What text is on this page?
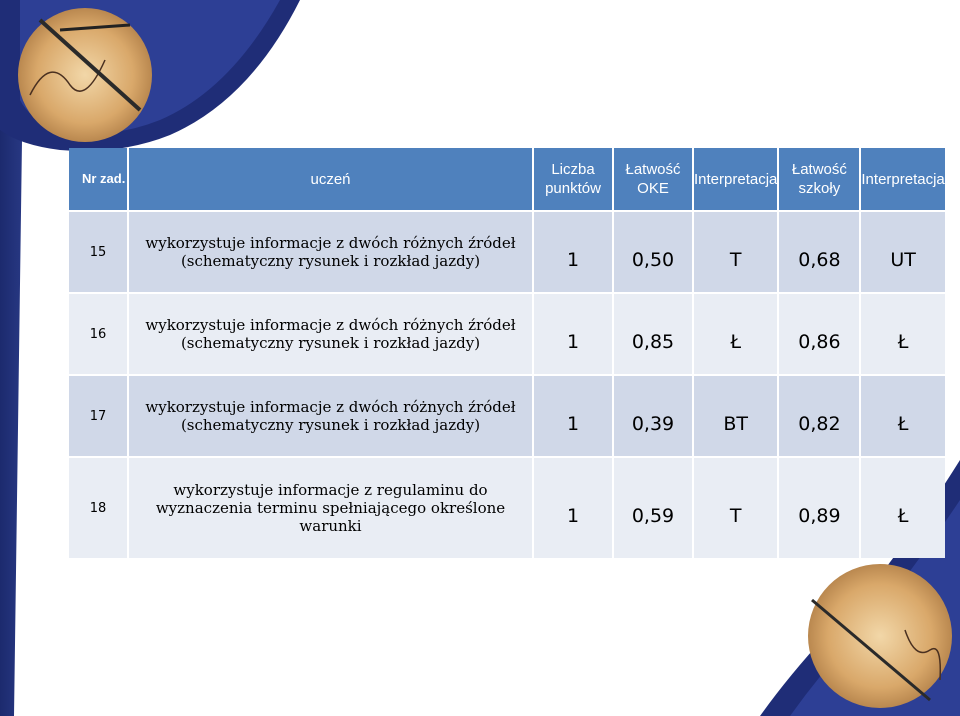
Nr zad.	uczeń	Liczba punktów	Łatwość OKE	Interpretacja	Łatwość szkoły	Interpretacja
15	wykorzystuje informacje z dwóch różnych źródeł (schematyczny rysunek i rozkład jazdy)	1	0,50	T	0,68	UT
16	wykorzystuje informacje z dwóch różnych źródeł (schematyczny rysunek i rozkład jazdy)	1	0,85	Ł	0,86	Ł
17	wykorzystuje informacje z dwóch różnych źródeł (schematyczny rysunek i rozkład jazdy)	1	0,39	BT	0,82	Ł
18	wykorzystuje informacje z regulaminu do wyznaczenia terminu spełniającego określone warunki	1	0,59	T	0,89	Ł
